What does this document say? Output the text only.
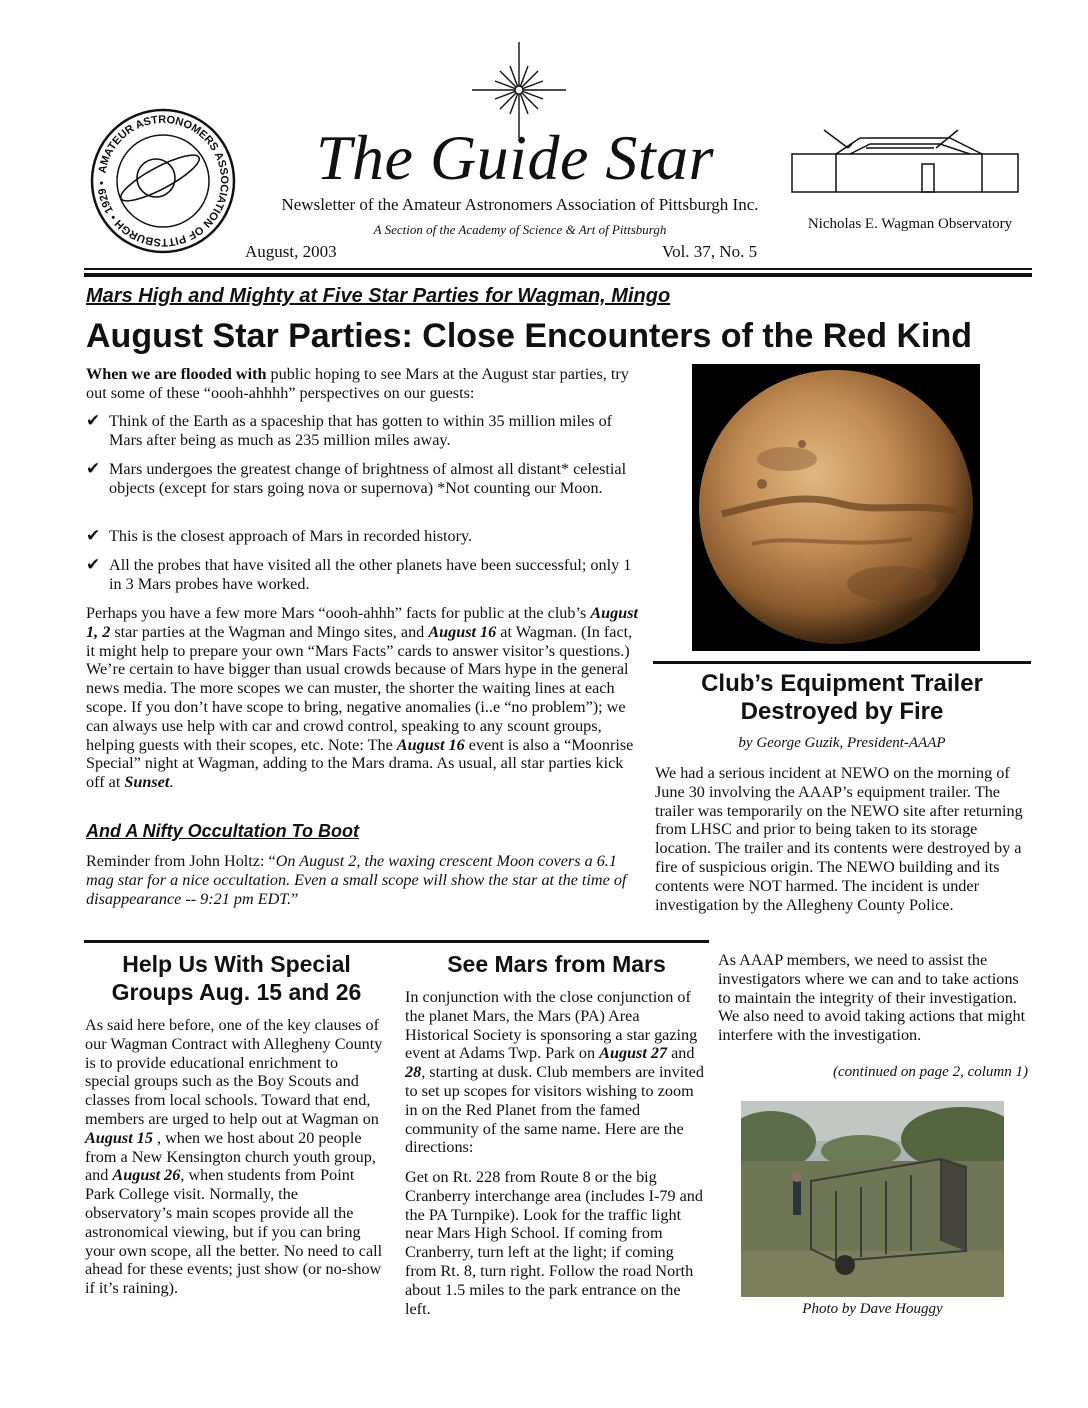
AMATEUR ASTRONOMERS ASSOCIATION OF PITTSBURGH • 1929 •	The Guide Star
Newsletter of the Amateur Astronomers Association of Pittsburgh Inc.
A Section of the Academy of Science & Art of Pittsburgh
August, 2003	Vol. 37, No. 5
Nicholas E. Wagman Observatory
Mars High and Mighty at Five Star Parties for Wagman, Mingo
August Star Parties: Close Encounters of the Red Kind

When we are flooded with public hoping to see Mars at the August star parties, try out some of these “oooh-ahhhh” perspectives on our guests:

✔ Think of the Earth as a spaceship that has gotten to within 35 million miles of Mars after being as much as 235 million miles away.
✔ Mars undergoes the greatest change of brightness of almost all distant* celestial objects (except for stars going nova or supernova) *Not counting our Moon.
✔ This is the closest approach of Mars in recorded history.
✔ All the probes that have visited all the other planets have been successful; only 1 in 3 Mars probes have worked.

Perhaps you have a few more Mars “oooh-ahhh” facts for public at the club’s August 1, 2 star parties at the Wagman and Mingo sites, and August 16 at Wagman. (In fact, it might help to prepare your own “Mars Facts” cards to answer visitor’s questions.) We’re certain to have bigger than usual crowds because of Mars hype in the general news media. The more scopes we can muster, the shorter the waiting lines at each scope. If you don’t have scope to bring, negative anomalies (i..e “no problem”); we can always use help with car and crowd control, speaking to any scount groups, helping guests with their scopes, etc. Note: The August 16 event is also a “Moonrise Special” night at Wagman, adding to the Mars drama. As usual, all star parties kick off at Sunset.

And A Nifty Occultation To Boot

Reminder from John Holtz: “On August 2, the waxing crescent Moon covers a 6.1 mag star for a nice occultation. Even a small scope will show the star at the time of disappearance -- 9:21 pm EDT.”

Club’s Equipment Trailer
Destroyed by Fire
by George Guzik, President-AAAP

We had a serious incident at NEWO on the morning of June 30 involving the AAAP’s equipment trailer. The trailer was temporarily on the NEWO site after returning from LHSC and prior to being taken to its storage location. The trailer and its contents were destroyed by a fire of suspicious origin. The NEWO building and its contents were NOT harmed. The incident is under investigation by the Allegheny County Police.

Help Us With Special
Groups Aug. 15 and 26

As said here before, one of the key clauses of our Wagman Contract with Allegheny County is to provide educational enrichment to special groups such as the Boy Scouts and classes from local schools. Toward that end, members are urged to help out at Wagman on August 15 , when we host about 20 people from a New Kensington church youth group, and August 26, when students from Point Park College visit. Normally, the observatory’s main scopes provide all the astronomical viewing, but if you can bring your own scope, all the better. No need to call ahead for these events; just show (or no-show if it’s raining).

See Mars from Mars

In conjunction with the close conjunction of the planet Mars, the Mars (PA) Area Historical Society is sponsoring a star gazing event at Adams Twp. Park on August 27 and 28, starting at dusk. Club members are invited to set up scopes for visitors wishing to zoom in on the Red Planet from the famed community of the same name. Here are the directions:

Get on Rt. 228 from Route 8 or the big Cranberry interchange area (includes I-79 and the PA Turnpike). Look for the traffic light near Mars High School. If coming from Cranberry, turn left at the light; if coming from Rt. 8, turn right. Follow the road North about 1.5 miles to the park entrance on the left.

As AAAP members, we need to assist the investigators where we can and to take actions to maintain the integrity of their investigation. We also need to avoid taking actions that might interfere with the investigation.

(continued on page 2, column 1)
Photo by Dave Houggy
